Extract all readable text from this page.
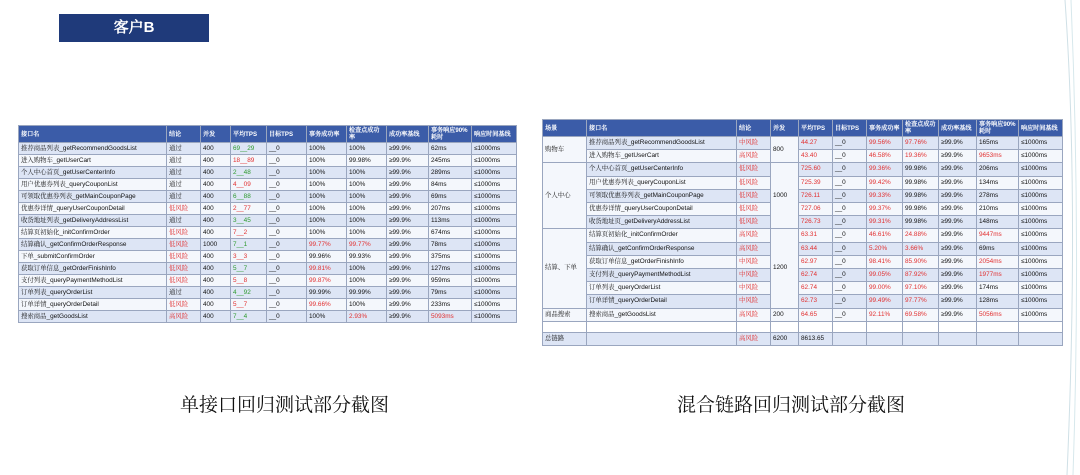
客户B
接口名	结论	并发	平均TPS	目标TPS	事务成功率	检查点成功率	成功率基线	事务响应90%耗时	响应时间基线
推荐商品列表_getRecommendGoodsList	通过	400	69__29	__0	100%	100%	≥99.9%	62ms	≤1000ms
进入购物车_getUserCart	通过	400	18__89	__0	100%	99.98%	≥99.9%	245ms	≤1000ms
个人中心首页_getUserCenterInfo	通过	400	2__48	__0	100%	100%	≥99.9%	289ms	≤1000ms
用户优惠券列表_queryCouponList	通过	400	4__09	__0	100%	100%	≥99.9%	84ms	≤1000ms
可领取优惠券列表_getMainCouponPage	通过	400	6__88	__0	100%	100%	≥99.9%	69ms	≤1000ms
优惠券详情_queryUserCouponDetail	低风险	400	2__77	__0	100%	100%	≥99.9%	207ms	≤1000ms
收货地址列表_getDeliveryAddressList	通过	400	3__45	__0	100%	100%	≥99.9%	113ms	≤1000ms
结算页初始化_initConfirmOrder	低风险	400	7__2	__0	100%	100%	≥99.9%	674ms	≤1000ms
结算确认_getConfirmOrderResponse	低风险	1000	7__1	__0	99.77%	99.77%	≥99.9%	78ms	≤1000ms
下单_submitConfirmOrder	低风险	400	3__3	__0	99.96%	99.93%	≥99.9%	375ms	≤1000ms
获取订单信息_getOrderFinishInfo	低风险	400	5__7	__0	99.81%	100%	≥99.9%	127ms	≤1000ms
支付列表_queryPaymentMethodList	低风险	400	5__8	__0	99.87%	100%	≥99.9%	959ms	≤1000ms
订单列表_queryOrderList	通过	400	4__92	__0	99.99%	99.99%	≥99.9%	79ms	≤1000ms
订单详情_queryOrderDetail	低风险	400	5__7	__0	99.66%	100%	≥99.9%	233ms	≤1000ms
搜索商品_getGoodsList	高风险	400	7__4	__0	100%	2.93%	≥99.9%	5093ms	≤1000ms
场景	接口名	结论	并发	平均TPS	目标TPS	事务成功率	检查点成功率	成功率基线	事务响应90%耗时	响应时间基线
购物车	推荐商品列表_getRecommendGoodsList	中风险	800	44.27	__0	99.56%	97.76%	≥99.9%	165ms	≤1000ms
	进入购物车_getUserCart	高风险		43.40	__0	46.58%	19.36%	≥99.9%	9653ms	≤1000ms
个人中心	个人中心首页_getUserCenterInfo	低风险	1000	725.60	__0	99.36%	99.98%	≥99.9%	206ms	≤1000ms
	用户优惠券列表_queryCouponList	低风险		725.39	__0	99.42%	99.98%	≥99.9%	134ms	≤1000ms
	可领取优惠券列表_getMainCouponPage	低风险		726.11	__0	99.33%	99.98%	≥99.9%	278ms	≤1000ms
	优惠券详情_queryUserCouponDetail	低风险		727.06	__0	99.37%	99.98%	≥99.9%	210ms	≤1000ms
	收货地址页_getDeliveryAddressList	低风险		726.73	__0	99.31%	99.98%	≥99.9%	148ms	≤1000ms
结算、下单	结算页初始化_initConfirmOrder	高风险	1200	63.31	__0	46.61%	24.88%	≥99.9%	9447ms	≤1000ms
	结算确认_getConfirmOrderResponse	高风险		63.44	__0	5.20%	3.66%	≥99.9%	69ms	≤1000ms
	获取订单信息_getOrderFinishInfo	中风险		62.97	__0	98.41%	85.90%	≥99.9%	2054ms	≤1000ms
	支付列表_queryPaymentMethodList	中风险		62.74	__0	99.05%	87.92%	≥99.9%	1977ms	≤1000ms
	订单列表_queryOrderList	中风险		62.74	__0	99.00%	97.10%	≥99.9%	174ms	≤1000ms
	订单详情_queryOrderDetail	中风险		62.73	__0	99.49%	97.77%	≥99.9%	128ms	≤1000ms
商品搜索	搜索商品_getGoodsList	高风险	200	64.65	__0	92.11%	69.58%	≥99.9%	5056ms	≤1000ms

总链路		高风险	6200	8613.65						
单接口回归测试部分截图	混合链路回归测试部分截图
